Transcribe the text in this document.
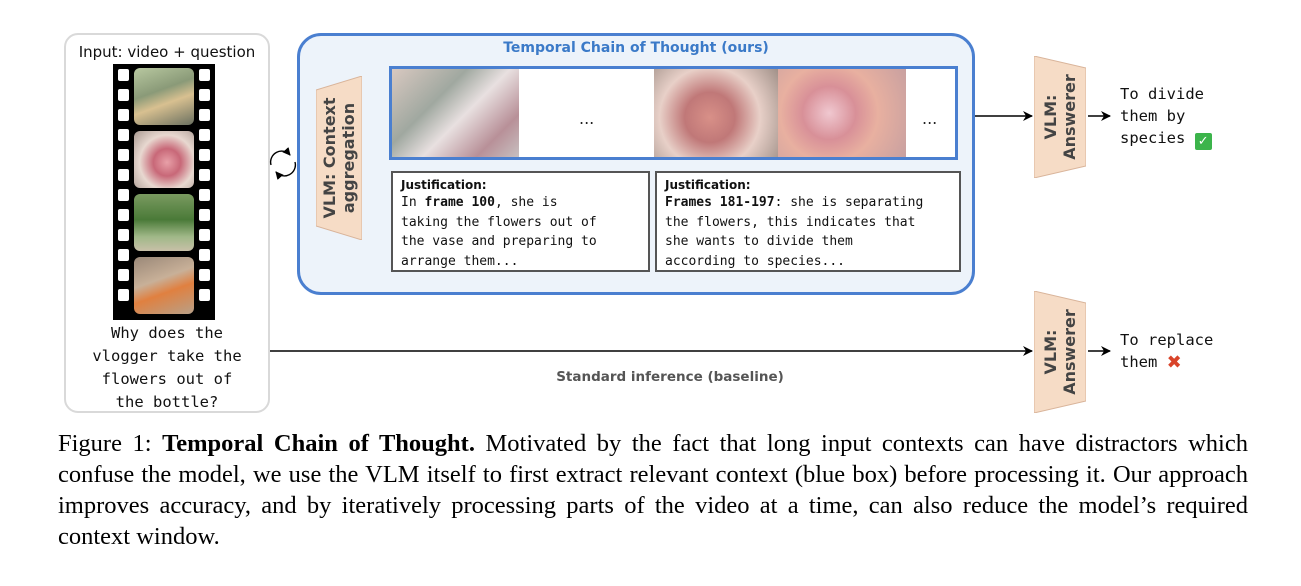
Input: video + question
Why does the
vlogger take the
flowers out of
the bottle?
Temporal Chain of Thought (ours)
VLM: Context aggregation	...	...
Justification:
In frame 100, she is
taking the flowers out of
the vase and preparing to
arrange them...
Justification:
Frames 181-197: she is separating
the flowers, this indicates that
she wants to divide them
according to species...
VLM: Answerer	To divide
them by
species ✓
VLM: Answerer	To replace
them ✖
Standard inference (baseline)
Figure 1: Temporal Chain of Thought. Motivated by the fact that long input contexts can have distractors which confuse the model, we use the VLM itself to first extract relevant context (blue box) before processing it. Our approach improves accuracy, and by iteratively processing parts of the video at a time, can also reduce the model’s required context window.
